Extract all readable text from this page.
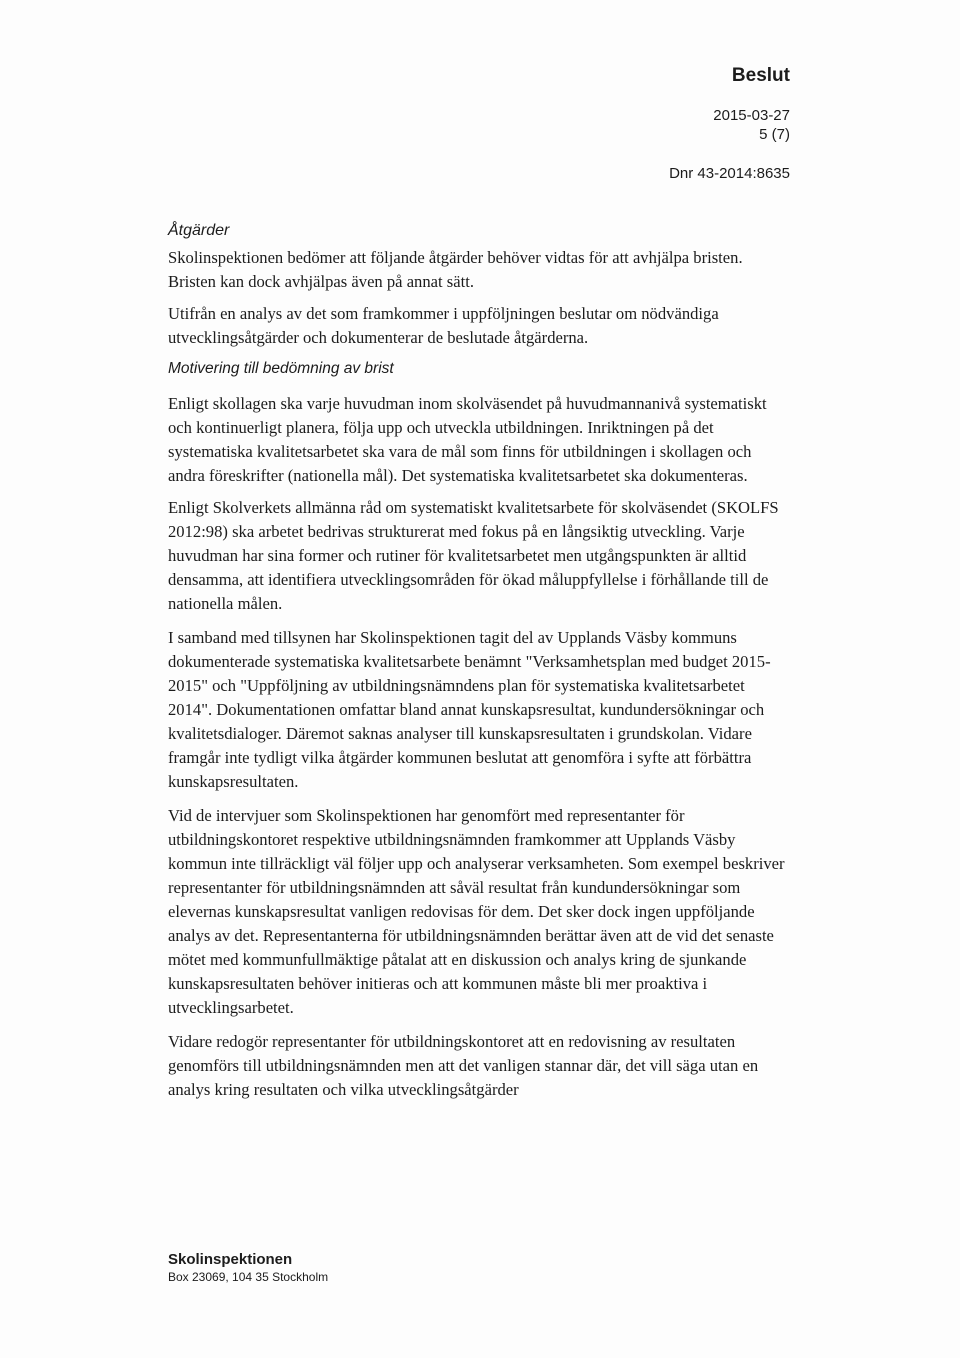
Beslut
2015-03-27
5 (7)
Dnr 43-2014:8635
Åtgärder

Skolinspektionen bedömer att följande åtgärder behöver vidtas för att avhjälpa bristen. Bristen kan dock avhjälpas även på annat sätt.

Utifrån en analys av det som framkommer i uppföljningen beslutar om nödvändiga utvecklingsåtgärder och dokumenterar de beslutade åtgärderna.

Motivering till bedömning av brist

Enligt skollagen ska varje huvudman inom skolväsendet på huvudmannanivå systematiskt och kontinuerligt planera, följa upp och utveckla utbildningen. Inriktningen på det systematiska kvalitetsarbetet ska vara de mål som finns för utbildningen i skollagen och andra föreskrifter (nationella mål). Det systematiska kvalitetsarbetet ska dokumenteras.

Enligt Skolverkets allmänna råd om systematiskt kvalitetsarbete för skolväsendet (SKOLFS 2012:98) ska arbetet bedrivas strukturerat med fokus på en långsiktig utveckling. Varje huvudman har sina former och rutiner för kvalitetsarbetet men utgångspunkten är alltid densamma, att identifiera utvecklingsområden för ökad måluppfyllelse i förhållande till de nationella målen.

I samband med tillsynen har Skolinspektionen tagit del av Upplands Väsby kommuns dokumenterade systematiska kvalitetsarbete benämnt "Verksamhetsplan med budget 2015-2015" och "Uppföljning av utbildningsnämndens plan för systematiska kvalitetsarbetet 2014". Dokumentationen omfattar bland annat kunskapsresultat, kundundersökningar och kvalitetsdialoger. Däremot saknas analyser till kunskapsresultaten i grundskolan. Vidare framgår inte tydligt vilka åtgärder kommunen beslutat att genomföra i syfte att förbättra kunskapsresultaten.

Vid de intervjuer som Skolinspektionen har genomfört med representanter för utbildningskontoret respektive utbildningsnämnden framkommer att Upplands Väsby kommun inte tillräckligt väl följer upp och analyserar verksamheten. Som exempel beskriver representanter för utbildningsnämnden att såväl resultat från kundundersökningar som elevernas kunskapsresultat vanligen redovisas för dem. Det sker dock ingen uppföljande analys av det. Representanterna för utbildningsnämnden berättar även att de vid det senaste mötet med kommunfullmäktige påtalat att en diskussion och analys kring de sjunkande kunskapsresultaten behöver initieras och att kommunen måste bli mer proaktiva i utvecklingsarbetet.

Vidare redogör representanter för utbildningskontoret att en redovisning av resultaten genomförs till utbildningsnämnden men att det vanligen stannar där, det vill säga utan en analys kring resultaten och vilka utvecklingsåtgärder

Skolinspektionen
Box 23069, 104 35 Stockholm
